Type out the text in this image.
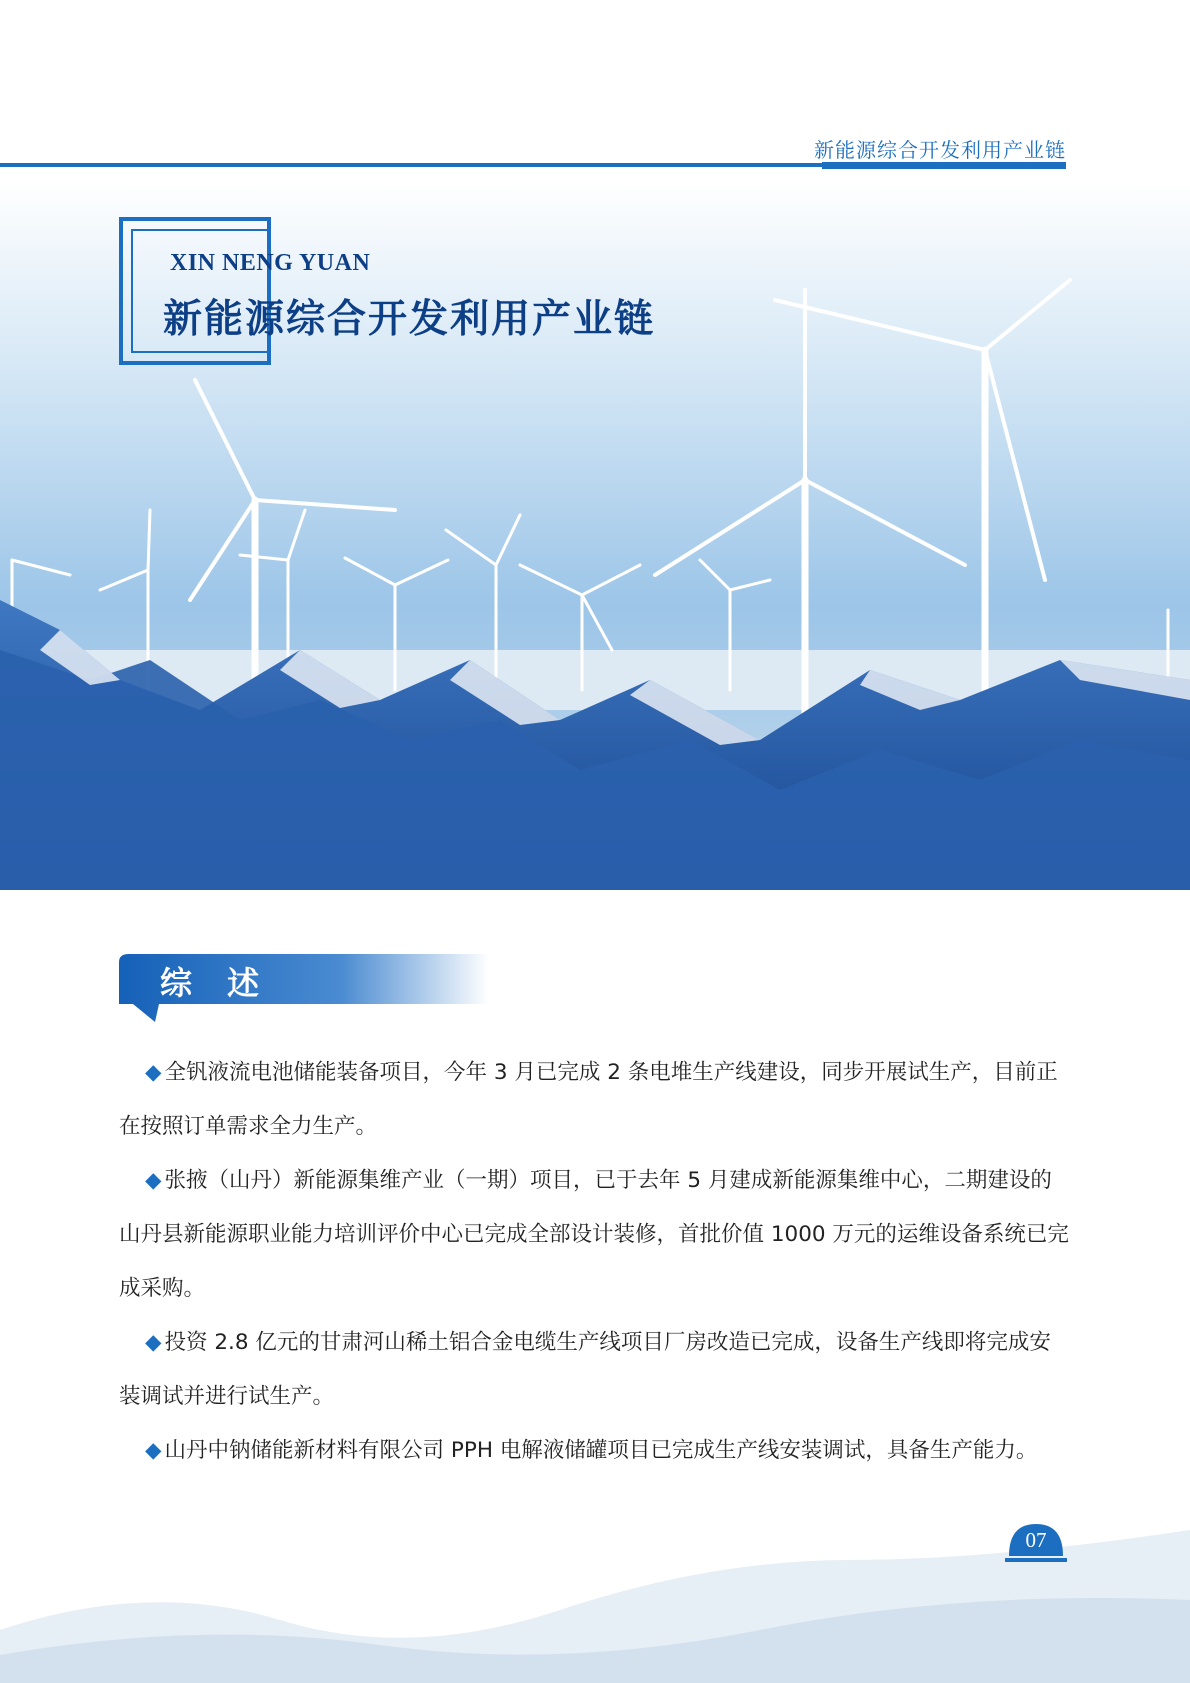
新能源综合开发利用产业链
XIN NENG YUAN
新能源综合开发利用产业链
综 述

◆ 全钒液流电池储能装备项目，今年 3 月已完成 2 条电堆生产线建设，同步开展试生产，目前正在按照订单需求全力生产。

◆ 张掖（山丹）新能源集维产业（一期）项目，已于去年 5 月建成新能源集维中心，二期建设的山丹县新能源职业能力培训评价中心已完成全部设计装修，首批价值 1000 万元的运维设备系统已完成采购。

◆ 投资 2.8 亿元的甘肃河山稀土铝合金电缆生产线项目厂房改造已完成，设备生产线即将完成安装调试并进行试生产。

◆ 山丹中钠储能新材料有限公司 PPH 电解液储罐项目已完成生产线安装调试，具备生产能力。

07
